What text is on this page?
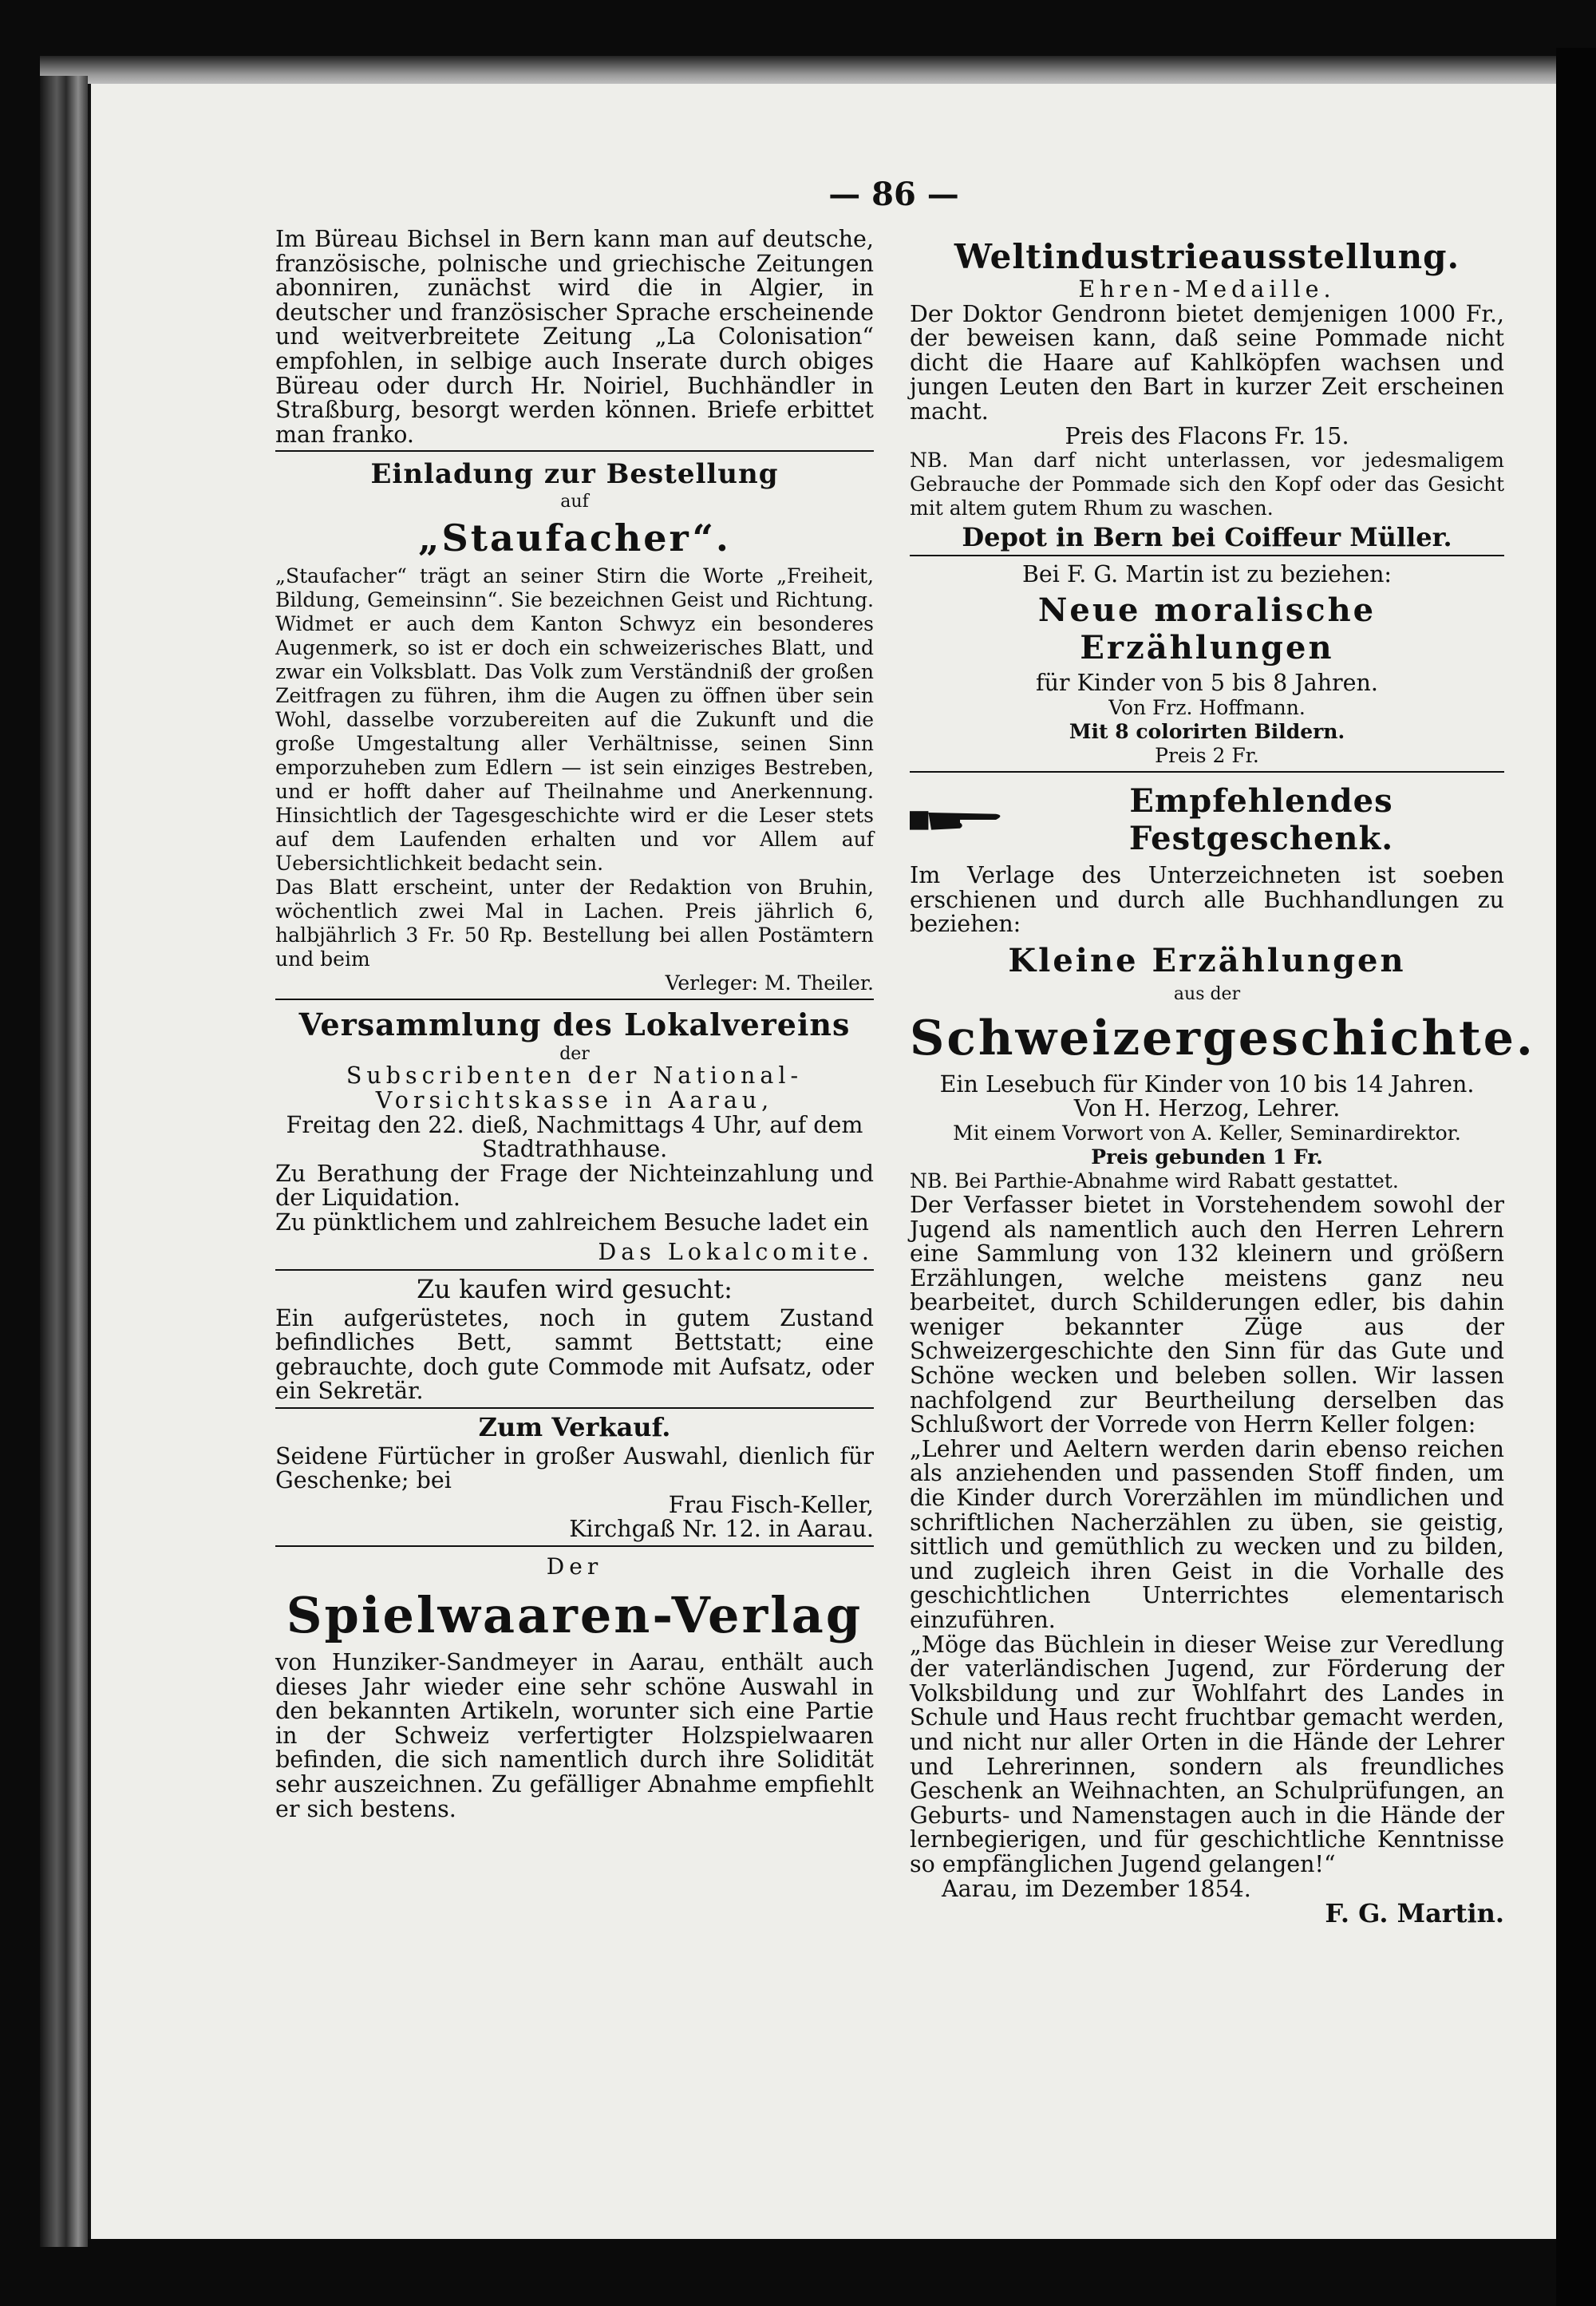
— 86 —

Im Büreau Bichsel in Bern kann man auf deutsche, französische, polnische und griechische Zeitungen abonniren, zunächst wird die in Algier, in deutscher und französischer Sprache erscheinende und weitverbreitete Zeitung „La Colonisation“ empfohlen, in selbige auch Inserate durch obiges Büreau oder durch Hr. Noiriel, Buchhändler in Straßburg, besorgt werden können. Briefe erbittet man franko.

Einladung zur Bestellung
auf
„Staufacher“.

„Staufacher“ trägt an seiner Stirn die Worte „Freiheit, Bildung, Gemeinsinn“. Sie bezeichnen Geist und Richtung. Widmet er auch dem Kanton Schwyz ein besonderes Augenmerk, so ist er doch ein schweizerisches Blatt, und zwar ein Volksblatt. Das Volk zum Verständniß der großen Zeitfragen zu führen, ihm die Augen zu öffnen über sein Wohl, dasselbe vorzubereiten auf die Zukunft und die große Umgestaltung aller Verhältnisse, seinen Sinn emporzuheben zum Edlern — ist sein einziges Bestreben, und er hofft daher auf Theilnahme und Anerkennung. Hinsichtlich der Tagesgeschichte wird er die Leser stets auf dem Laufenden erhalten und vor Allem auf Uebersichtlichkeit bedacht sein.

Das Blatt erscheint, unter der Redaktion von Bruhin, wöchentlich zwei Mal in Lachen. Preis jährlich 6, halbjährlich 3 Fr. 50 Rp. Bestellung bei allen Postämtern und beim

Verleger: M. Theiler.

Versammlung des Lokalvereins
der

Subscribenten der National-Vorsichtskasse in Aarau,

Freitag den 22. dieß, Nachmittags 4 Uhr, auf dem Stadtrathhause.

Zu Berathung der Frage der Nichteinzahlung und der Liquidation.

Zu pünktlichem und zahlreichem Besuche ladet ein

Das Lokalcomite.

Zu kaufen wird gesucht:

Ein aufgerüstetes, noch in gutem Zustand befindliches Bett, sammt Bettstatt; eine gebrauchte, doch gute Commode mit Aufsatz, oder ein Sekretär.

Zum Verkauf.

Seidene Fürtücher in großer Auswahl, dienlich für Geschenke; bei

Frau Fisch-Keller,

Kirchgaß Nr. 12. in Aarau.

Der
Spielwaaren-Verlag

von Hunziker-Sandmeyer in Aarau, enthält auch dieses Jahr wieder eine sehr schöne Auswahl in den bekannten Artikeln, worunter sich eine Partie in der Schweiz verfertigter Holzspielwaaren befinden, die sich namentlich durch ihre Solidität sehr auszeichnen. Zu gefälliger Abnahme empfiehlt er sich bestens.

Weltindustrieausstellung.

Ehren-Medaille.

Der Doktor Gendronn bietet demjenigen 1000 Fr., der beweisen kann, daß seine Pommade nicht dicht die Haare auf Kahlköpfen wachsen und jungen Leuten den Bart in kurzer Zeit erscheinen macht.

Preis des Flacons Fr. 15.

NB. Man darf nicht unterlassen, vor jedesmaligem Gebrauche der Pommade sich den Kopf oder das Gesicht mit altem gutem Rhum zu waschen.

Depot in Bern bei Coiffeur Müller.

Bei F. G. Martin ist zu beziehen:

Neue moralische Erzählungen

für Kinder von 5 bis 8 Jahren.

Von Frz. Hoffmann.

Mit 8 colorirten Bildern.

Preis 2 Fr.

Empfehlendes Festgeschenk.

Im Verlage des Unterzeichneten ist soeben erschienen und durch alle Buchhandlungen zu beziehen:

Kleine Erzählungen
aus der
Schweizergeschichte.

Ein Lesebuch für Kinder von 10 bis 14 Jahren.

Von H. Herzog, Lehrer.

Mit einem Vorwort von A. Keller, Seminardirektor.

Preis gebunden 1 Fr.

NB. Bei Parthie-Abnahme wird Rabatt gestattet.

Der Verfasser bietet in Vorstehendem sowohl der Jugend als namentlich auch den Herren Lehrern eine Sammlung von 132 kleinern und größern Erzählungen, welche meistens ganz neu bearbeitet, durch Schilderungen edler, bis dahin weniger bekannter Züge aus der Schweizergeschichte den Sinn für das Gute und Schöne wecken und beleben sollen. Wir lassen nachfolgend zur Beurtheilung derselben das Schlußwort der Vorrede von Herrn Keller folgen:

„Lehrer und Aeltern werden darin ebenso reichen als anziehenden und passenden Stoff finden, um die Kinder durch Vorerzählen im mündlichen und schriftlichen Nacherzählen zu üben, sie geistig, sittlich und gemüthlich zu wecken und zu bilden, und zugleich ihren Geist in die Vorhalle des geschichtlichen Unterrichtes elementarisch einzuführen.

„Möge das Büchlein in dieser Weise zur Veredlung der vaterländischen Jugend, zur Förderung der Volksbildung und zur Wohlfahrt des Landes in Schule und Haus recht fruchtbar gemacht werden, und nicht nur aller Orten in die Hände der Lehrer und Lehrerinnen, sondern als freundliches Geschenk an Weihnachten, an Schulprüfungen, an Geburts- und Namenstagen auch in die Hände der lernbegierigen, und für geschichtliche Kenntnisse so empfänglichen Jugend gelangen!“

Aarau, im Dezember 1854.

F. G. Martin.
